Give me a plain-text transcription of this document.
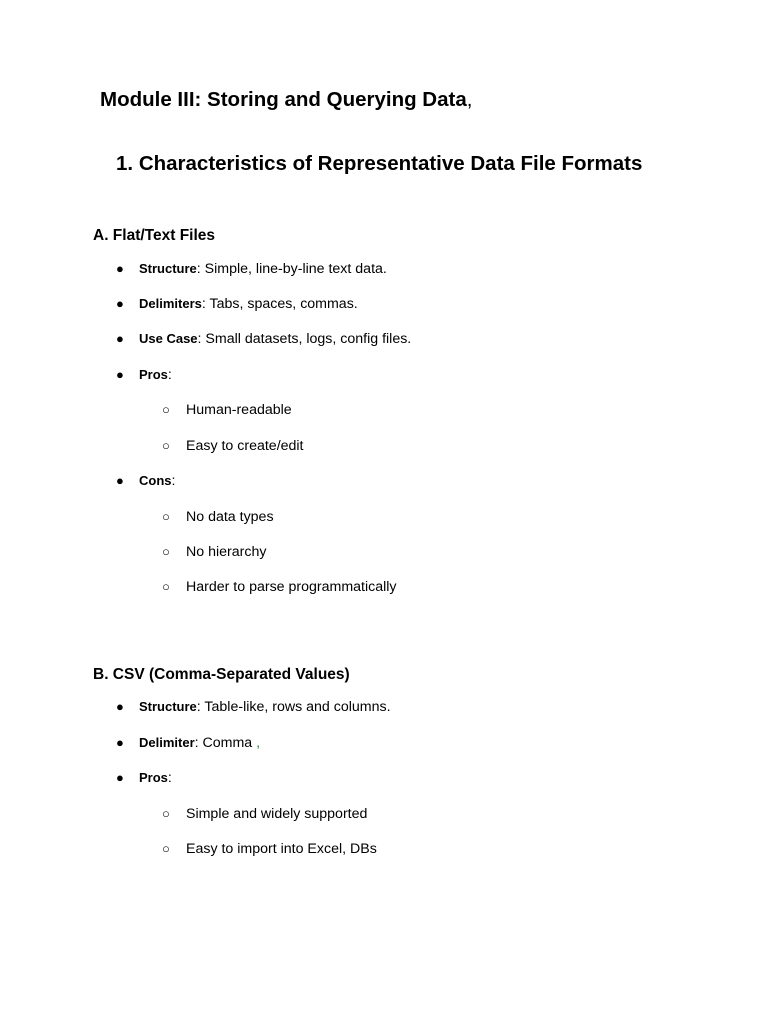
Module III: Storing and Querying Data,
1. Characteristics of Representative Data File Formats
A. Flat/Text Files
● Structure: Simple, line-by-line text data.
● Delimiters: Tabs, spaces, commas.
● Use Case: Small datasets, logs, config files.
● Pros:
○ Human-readable
○ Easy to create/edit
● Cons:
○ No data types
○ No hierarchy
○ Harder to parse programmatically
B. CSV (Comma-Separated Values)
● Structure: Table-like, rows and columns.
● Delimiter: Comma ,
● Pros:
○ Simple and widely supported
○ Easy to import into Excel, DBs
